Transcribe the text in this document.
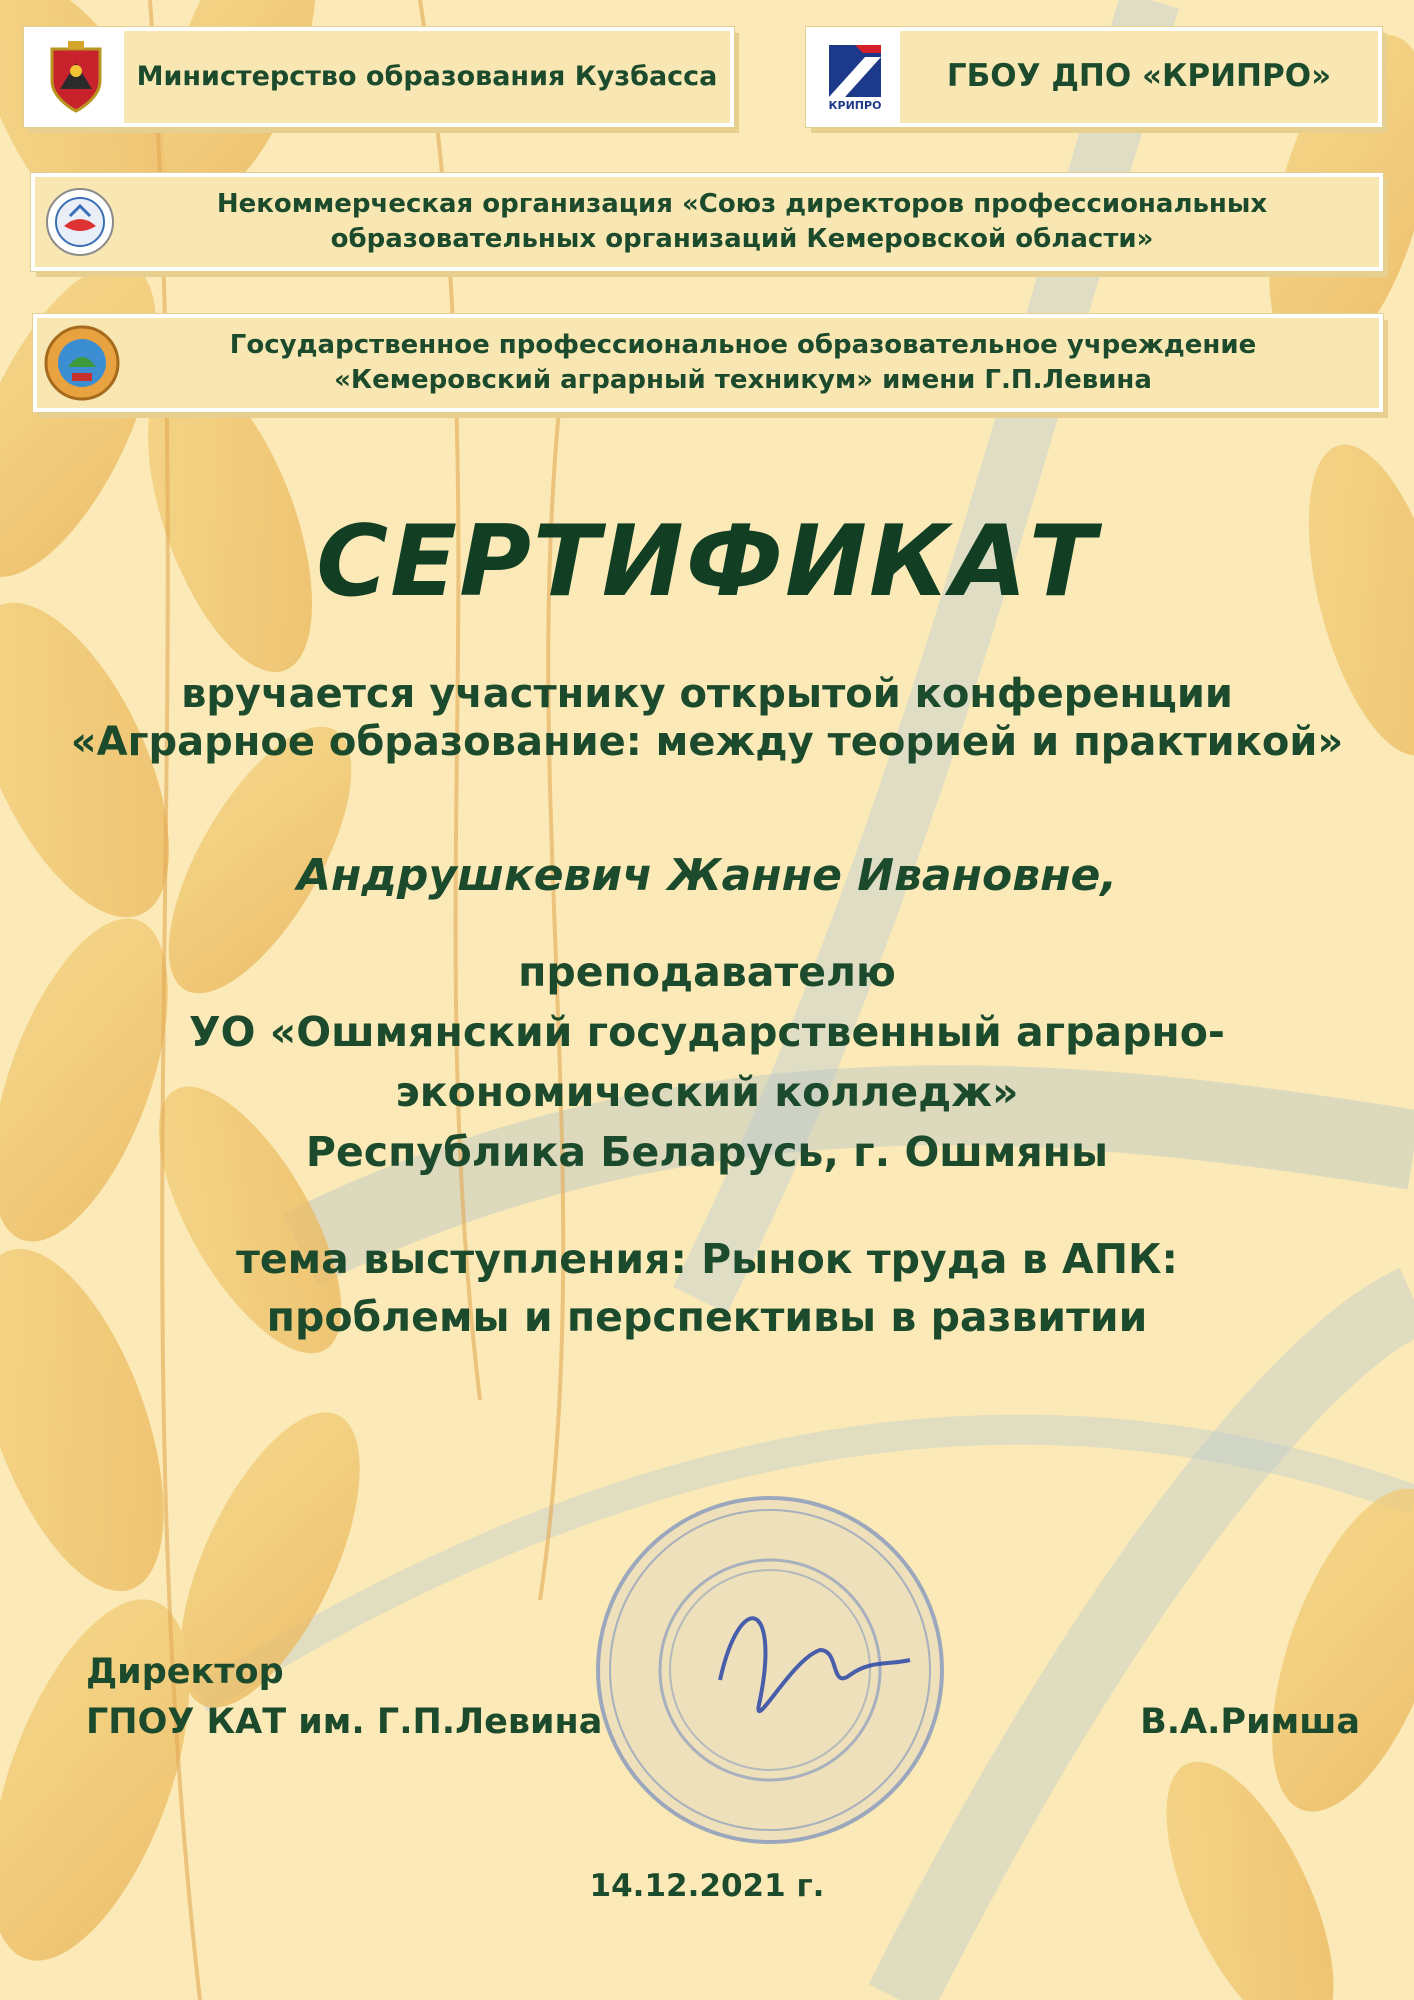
Министерство образования Кузбасса
КРИПРО
ГБОУ ДПО «КРИПРО»
Некоммерческая организация «Союз директоров профессиональных
образовательных организаций Кемеровской области»
Государственное профессиональное образовательное учреждение
«Кемеровский аграрный техникум» имени Г.П.Левина
СЕРТИФИКАТ
вручается участнику открытой конференции
«Аграрное образование: между теорией и практикой»
Андрушкевич Жанне Ивановне,
преподавателю
УО «Ошмянский государственный аграрно-
экономический колледж»
Республика Беларусь, г. Ошмяны
тема выступления: Рынок труда в АПК:
проблемы и перспективы в развитии
Директор
ГПОУ КАТ им. Г.П.Левина	В.А.Римша
14.12.2021 г.
